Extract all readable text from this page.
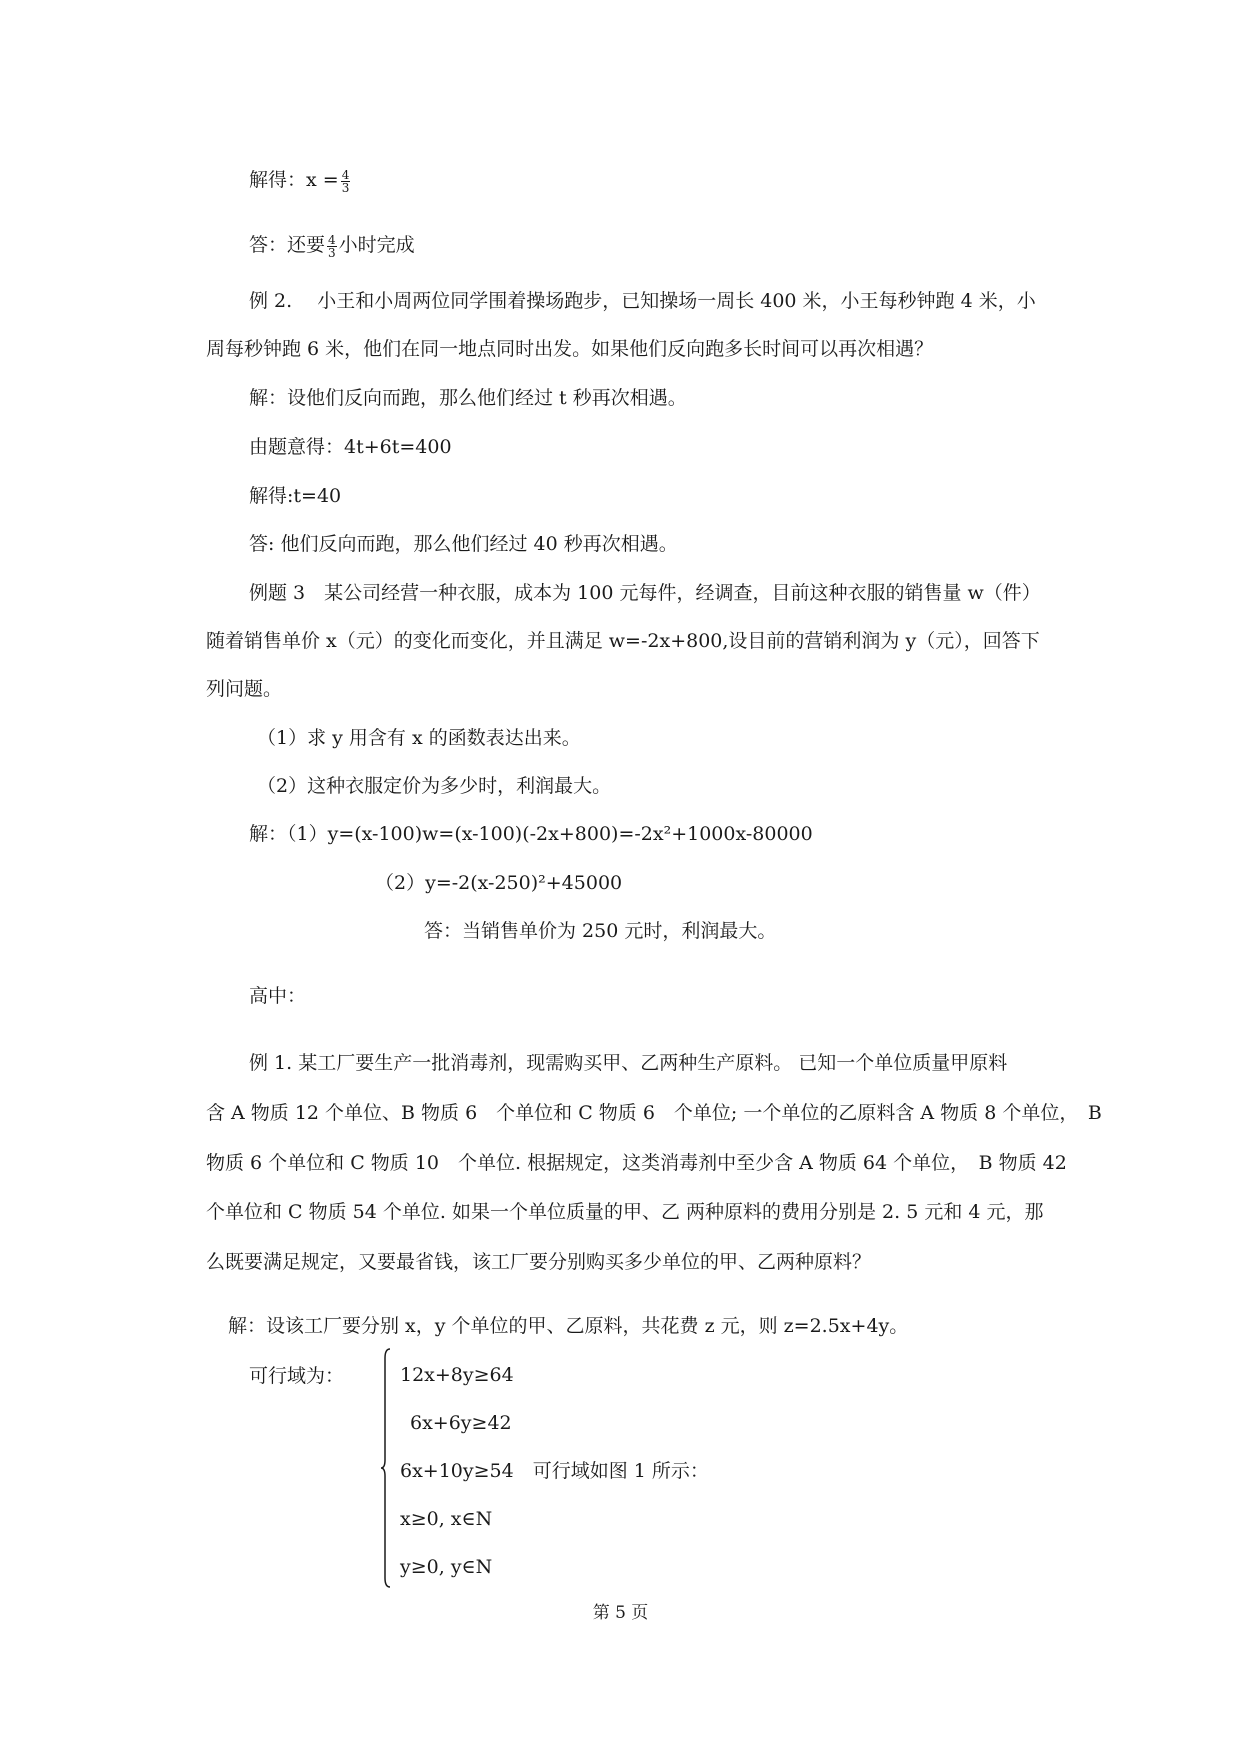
解得：$x = \frac{4}{3}$
答：还要 $\frac{4}{3}$ 小时完成
例 2.　 小王和小周两位同学围着操场跑步，已知操场一周长 400 米，小王每秒钟跑 4 米，小
周每秒钟跑 6 米，他们在同一地点同时出发。如果他们反向跑多长时间可以再次相遇？
解：设他们反向而跑，那么他们经过 t 秒再次相遇。
由题意得：4t+6t=400
解得:t=40
答: 他们反向而跑，那么他们经过 40 秒再次相遇。
例题 3　某公司经营一种衣服，成本为 100 元每件，经调查，目前这种衣服的销售量 w（件）
随着销售单价 x（元）的变化而变化，并且满足 w=-2x+800,设目前的营销利润为 y（元），回答下
列问题。
（1）求 y 用含有 x 的函数表达出来。
（2）这种衣服定价为多少时，利润最大。
解：（1）y=(x-100)w=(x-100)(-2x+800)=-2x²+1000x-80000
（2）y=-2(x-250)²+45000
答：当销售单价为 250 元时，利润最大。
高中：
例 1. 某工厂要生产一批消毒剂，现需购买甲、乙两种生产原料。 已知一个单位质量甲原料
含 A 物质 12 个单位、B 物质 6　个单位和 C 物质 6　个单位; 一个单位的乙原料含 A 物质 8 个单位，　B
物质 6 个单位和 C 物质 10　个单位. 根据规定，这类消毒剂中至少含 A 物质 64 个单位，　B 物质 42
个单位和 C 物质 54 个单位. 如果一个单位质量的甲、乙 两种原料的费用分别是 2. 5 元和 4 元，那
么既要满足规定，又要最省钱，该工厂要分别购买多少单位的甲、乙两种原料？
解：设该工厂要分别 x，y 个单位的甲、乙原料，共花费 z 元，则 z=2.5x+4y。
可行域为：	12x+8y≥64
6x+6y≥42
6x+10y≥54　可行域如图 1 所示：
x≥0, x∈N
y≥0, y∈N
第 5 页
